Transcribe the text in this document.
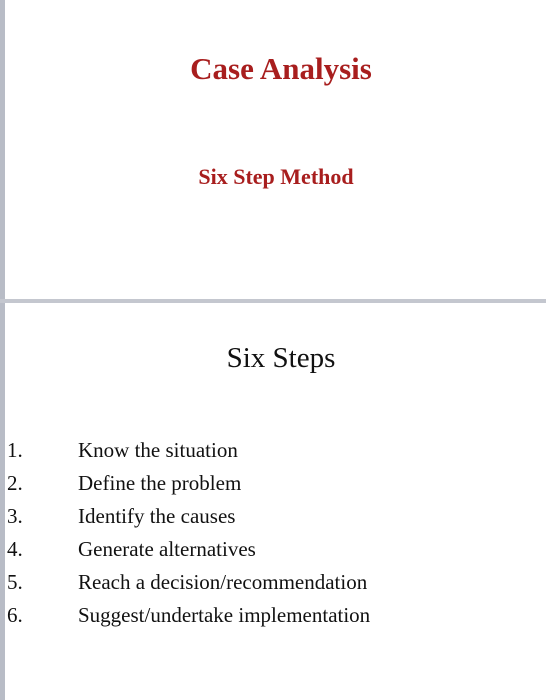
Case Analysis
Six Step Method
Six Steps
1.	Know the situation
2.	Define the problem
3.	Identify the causes
4.	Generate alternatives
5.	Reach a decision/recommendation
6.	Suggest/undertake implementation
